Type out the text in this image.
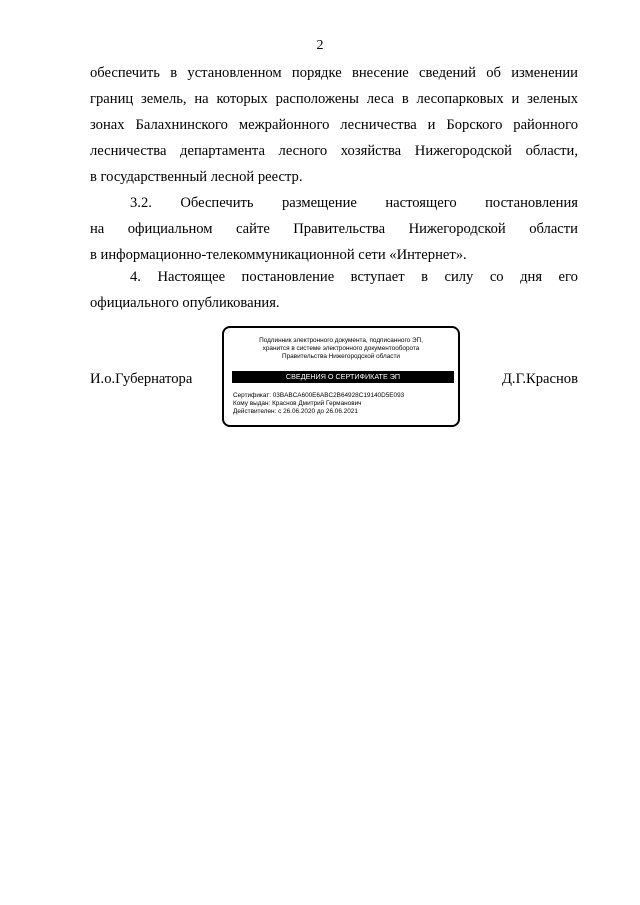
2
обеспечить в установленном порядке внесение сведений об изменении
границ земель, на которых расположены леса в лесопарковых и зеленых
зонах Балахнинского межрайонного лесничества и Борского районного
лесничества департамента лесного хозяйства Нижегородской области,
в государственный лесной реестр.
3.2. Обеспечить размещение настоящего постановления
на официальном сайте Правительства Нижегородской области
в информационно-телекоммуникационной сети «Интернет».
4. Настоящее постановление вступает в силу со дня его
официального опубликования.
И.о.Губернатора
Подлинник электронного документа, подписанного ЭП,
хранится в системе электронного документооборота
Правительства Нижегородской области
СВЕДЕНИЯ О СЕРТИФИКАТЕ ЭП
Сертификат: 03BABCA600E6ABC2B64928C19140D5E093
Кому выдан: Краснов Дмитрий Германович
Действителен: с 26.06.2020 до 26.06.2021
Д.Г.Краснов
